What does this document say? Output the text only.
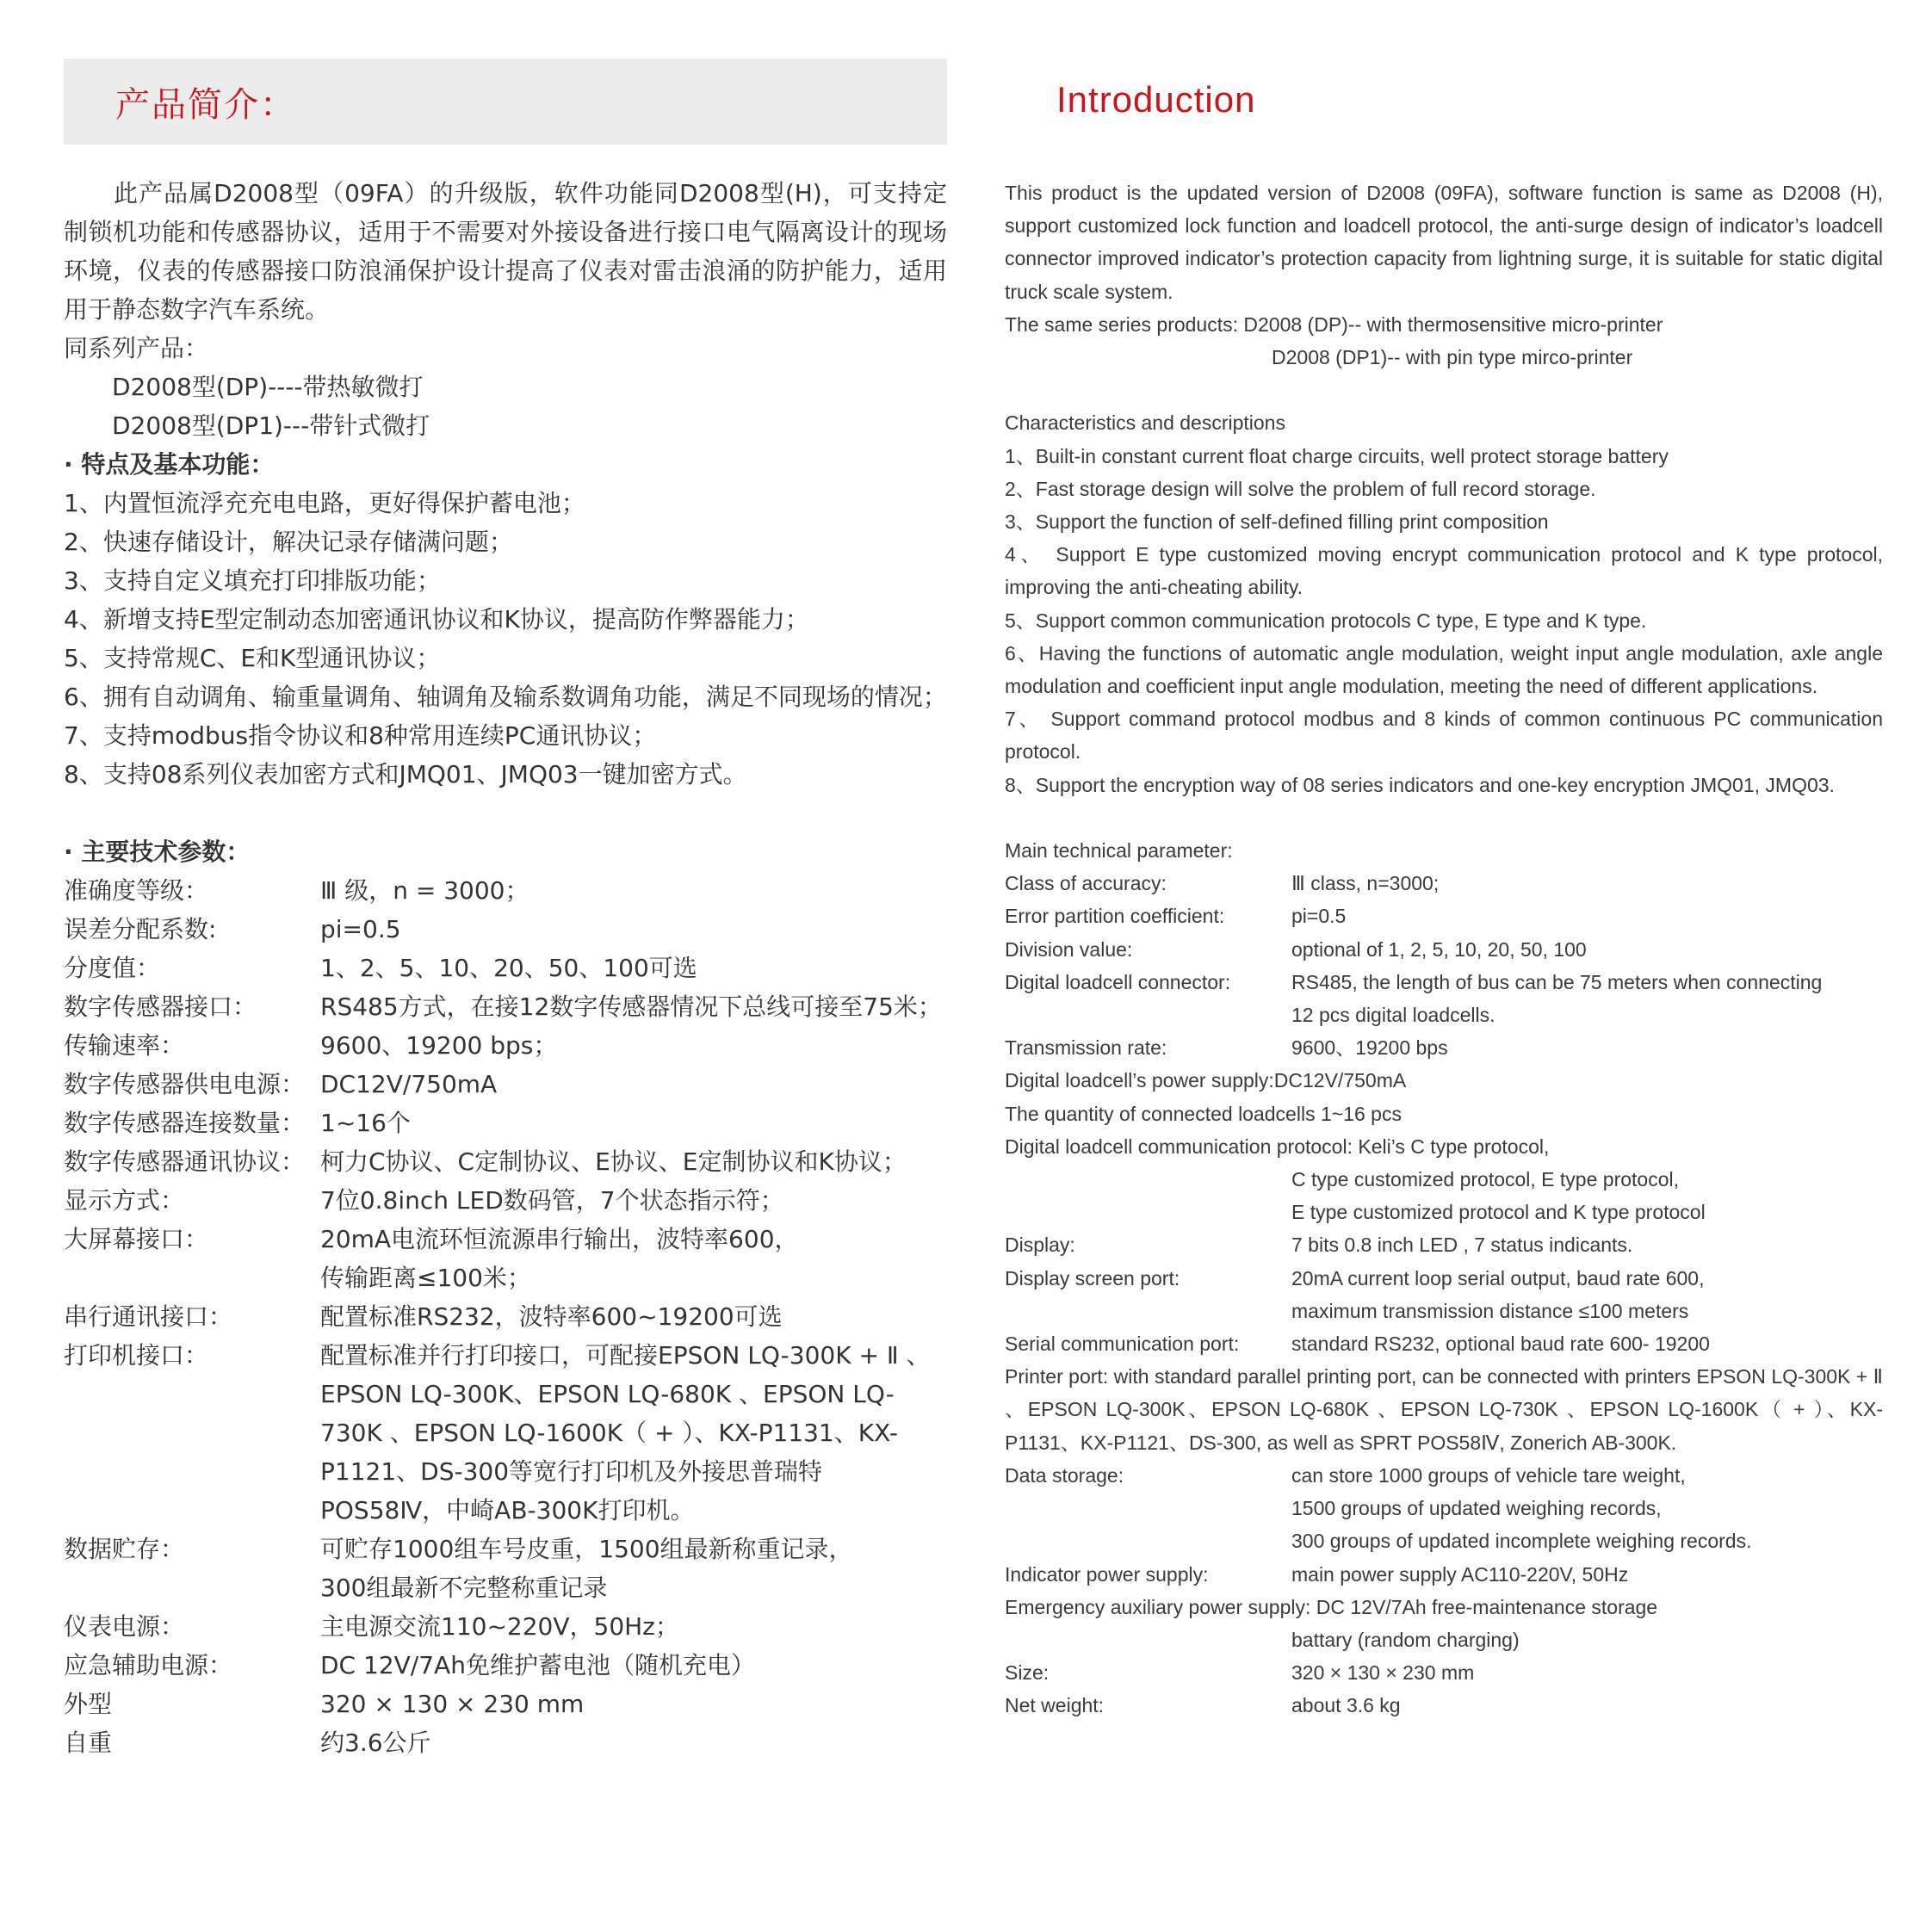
产品简介：

此产品属D2008型（09FA）的升级版，软件功能同D2008型(H)，可支持定制锁机功能和传感器协议，适用于不需要对外接设备进行接口电气隔离设计的现场环境，仪表的传感器接口防浪涌保护设计提高了仪表对雷击浪涌的防护能力，适用用于静态数字汽车系统。

同系列产品：

D2008型(DP)----带热敏微打

D2008型(DP1)---带针式微打

· 特点及基本功能：

1、内置恒流浮充充电电路，更好得保护蓄电池；

2、快速存储设计，解决记录存储满问题；

3、支持自定义填充打印排版功能；

4、新增支持E型定制动态加密通讯协议和K协议，提高防作弊器能力；

5、支持常规C、E和K型通讯协议；

6、拥有自动调角、输重量调角、轴调角及输系数调角功能，满足不同现场的情况；

7、支持modbus指令协议和8种常用连续PC通讯协议；

8、支持08系列仪表加密方式和JMQ01、JMQ03一键加密方式。

· 主要技术参数：

准确度等级：	Ⅲ 级，n = 3000；
误差分配系数:	pi=0.5
分度值：	1、2、5、10、20、50、100可选
数字传感器接口：	RS485方式，在接12数字传感器情况下总线可接至75米；
传输速率：	9600、19200 bps；
数字传感器供电电源： DC12V/750mA
数字传感器连接数量： 1~16个
数字传感器通讯协议： 柯力C协议、C定制协议、E协议、E定制协议和K协议；
显示方式：	7位0.8inch LED数码管，7个状态指示符；
大屏幕接口：	20mA电流环恒流源串行输出，波特率600，
传输距离≤100米；
串行通讯接口：	配置标准RS232，波特率600~19200可选
打印机接口：	配置标准并行打印接口，可配接EPSON LQ-300K + Ⅱ 、
EPSON LQ-300K、EPSON LQ-680K 、EPSON LQ-
730K 、EPSON LQ-1600K（ + ）、KX-P1131、KX-
P1121、DS-300等宽行打印机及外接思普瑞特
POS58Ⅳ，中崎AB-300K打印机。
数据贮存：	可贮存1000组车号皮重，1500组最新称重记录，
300组最新不完整称重记录
仪表电源：	主电源交流110~220V，50Hz；
应急辅助电源：	DC 12V/7Ah免维护蓄电池（随机充电）
外型	320 × 130 × 230 mm
自重	约3.6公斤
Introduction

This product is the updated version of D2008 (09FA), software function is same as D2008 (H), support customized lock function and loadcell protocol, the anti-surge design of indicator’s loadcell connector improved indicator’s protection capacity from lightning surge, it is suitable for static digital truck scale system.

The same series products: D2008 (DP)-- with thermosensitive micro-printer

D2008 (DP1)-- with pin type mirco-printer

Characteristics and descriptions

1、Built-in constant current float charge circuits, well protect storage battery

2、Fast storage design will solve the problem of full record storage.

3、Support the function of self-defined filling print composition

4、 Support E type customized moving encrypt communication protocol and K type protocol, improving the anti-cheating ability.

5、Support common communication protocols C type, E type and K type.

6、Having the functions of automatic angle modulation, weight input angle modulation, axle angle modulation and coefficient input angle modulation, meeting the need of different applications.

7、 Support command protocol modbus and 8 kinds of common continuous PC communication protocol.

8、Support the encryption way of 08 series indicators and one-key encryption JMQ01, JMQ03.

Main technical parameter:

Class of accuracy:	Ⅲ class, n=3000;
Error partition coefficient:	pi=0.5
Division value:	optional of 1, 2, 5, 10, 20, 50, 100
Digital loadcell connector:	RS485, the length of bus can be 75 meters when connecting
12 pcs digital loadcells.
Transmission rate:	9600、19200 bps

Digital loadcell’s power supply:DC12V/750mA

The quantity of connected loadcells 1~16 pcs

Digital loadcell communication protocol: Keli’s C type protocol,

C type customized protocol, E type protocol,
E type customized protocol and K type protocol
Display:	7 bits 0.8 inch LED , 7 status indicants.
Display screen port:	20mA current loop serial output, baud rate 600,
maximum transmission distance ≤100 meters
Serial communication port:	standard RS232, optional baud rate 600- 19200

Printer port: with standard parallel printing port, can be connected with printers EPSON LQ-300K + Ⅱ 、EPSON LQ-300K、EPSON LQ-680K 、EPSON LQ-730K 、EPSON LQ-1600K（ + ）、KX-P1131、KX-P1121、DS-300, as well as SPRT POS58Ⅳ, Zonerich AB-300K.

Data storage:	can store 1000 groups of vehicle tare weight,
1500 groups of updated weighing records,
300 groups of updated incomplete weighing records.
Indicator power supply:	main power supply AC110-220V, 50Hz

Emergency auxiliary power supply: DC 12V/7Ah free-maintenance storage

battary (random charging)
Size:	320 × 130 × 230 mm
Net weight:	about 3.6 kg
